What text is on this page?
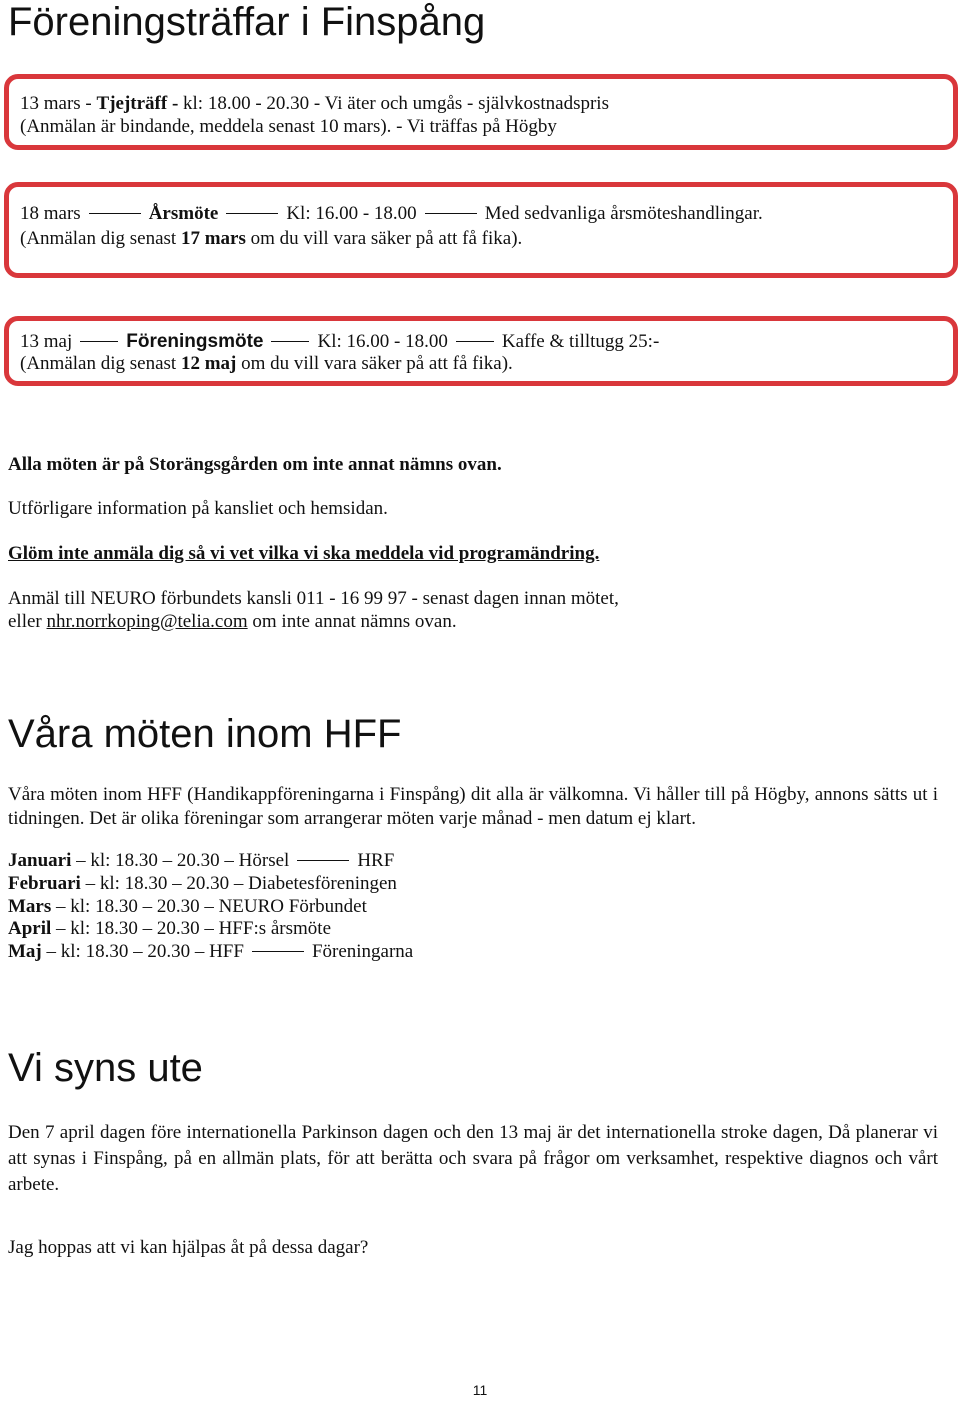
Föreningsträffar i Finspång
13 mars - Tjejträff - kl: 18.00 - 20.30 - Vi äter och umgås - självkostnadspris
(Anmälan är bindande, meddela senast 10 mars). - Vi träffas på Högby
18 mars	Årsmöte	Kl: 16.00 - 18.00	Med sedvanliga årsmöteshandlingar.
(Anmälan dig senast 17 mars om du vill vara säker på att få fika).
13 maj	Föreningsmöte	Kl: 16.00 - 18.00	Kaffe & tilltugg 25:-
(Anmälan dig senast 12 maj om du vill vara säker på att få fika).
Alla möten är på Storängsgården om inte annat nämns ovan.
Utförligare information på kansliet och hemsidan.
Glöm inte anmäla dig så vi vet vilka vi ska meddela vid programändring.
Anmäl till NEURO förbundets kansli 011 - 16 99 97 - senast dagen innan mötet,
eller nhr.norrkoping@telia.com om inte annat nämns ovan.
Våra möten inom HFF
Våra möten inom HFF (Handikappföreningarna i Finspång) dit alla är välkomna. Vi håller till på Högby, annons sätts ut i tidningen. Det är olika föreningar som arrangerar möten varje månad - men datum ej klart.
Januari – kl: 18.30 – 20.30 – Hörsel	HRF
Februari – kl: 18.30 – 20.30 – Diabetesföreningen
Mars – kl: 18.30 – 20.30 – NEURO Förbundet
April – kl: 18.30 – 20.30 – HFF:s årsmöte
Maj – kl: 18.30 – 20.30 – HFF	Föreningarna
Vi syns ute
Den 7 april dagen före internationella Parkinson dagen och den 13 maj är det internationella stroke dagen, Då planerar vi att synas i Finspång, på en allmän plats, för att berätta och svara på frågor om verksamhet, respektive diagnos och vårt arbete.
Jag hoppas att vi kan hjälpas åt på dessa dagar?
11
